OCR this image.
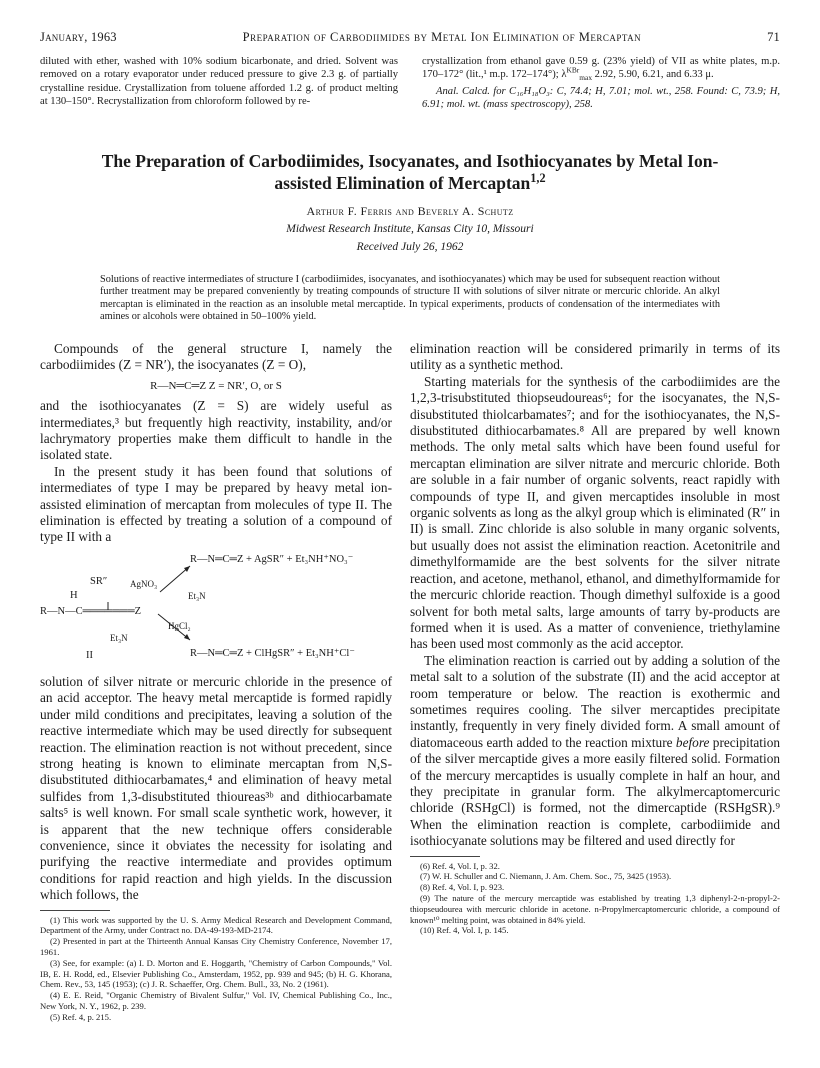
January, 1963	Preparation of Carbodiimides by Metal Ion Elimination of Mercaptan	71

diluted with ether, washed with 10% sodium bicarbonate, and dried. Solvent was removed on a rotary evaporator under reduced pressure to give 2.3 g. of partially crystalline residue. Crystallization from toluene afforded 1.2 g. of product melting at 130–150°. Recrystallization from chloroform followed by re-

crystallization from ethanol gave 0.59 g. (23% yield) of VII as white plates, m.p. 170–172° (lit.,¹ m.p. 172–174°); $\lambda^{KBr}_{max}$ 2.92, 5.90, 6.21, and 6.33 μ.

Anal. Calcd. for C₁₆H₁₈O₃: C, 74.4; H, 7.01; mol. wt., 258. Found: C, 73.9; H, 6.91; mol. wt. (mass spectroscopy), 258.

The Preparation of Carbodiimides, Isocyanates, and Isothiocyanates by Metal Ion-assisted Elimination of Mercaptan$^{1,2}$
Arthur F. Ferris and Beverly A. Schutz
Midwest Research Institute, Kansas City 10, Missouri
Received July 26, 1962
Solutions of reactive intermediates of structure I (carbodiimides, isocyanates, and isothiocyanates) which may be used for subsequent reaction without further treatment may be prepared conveniently by treating compounds of structure II with solutions of silver nitrate or mercuric chloride. An alkyl mercaptan is eliminated in the reaction as an insoluble metal mercaptide. In typical experiments, products of condensation of the intermediates with amines or alcohols were obtained in 50–100% yield.

Compounds of the general structure I, namely the carbodiimides (Z = NR′), the isocyanates (Z = O),

R—N═C═Z Z = NR′, O, or S

and the isothiocyanates (Z = S) are widely useful as intermediates,³ but frequently high reactivity, instability, and/or lachrymatory properties make them difficult to handle in the isolated state.

In the present study it has been found that solutions of intermediates of type I may be prepared by heavy metal ion-assisted elimination of mercaptan from molecules of type II. The elimination is effected by treating a solution of a compound of type II with a

R—N═C═Z + AgSR″ + Et₃NH⁺NO₃⁻
SR″	AgNO₃
H	Et₃N
R—N—C═══════Z
HgCl₂
Et₃N
II	R—N═C═Z + ClHgSR″ + Et₃NH⁺Cl⁻

solution of silver nitrate or mercuric chloride in the presence of an acid acceptor. The heavy metal mercaptide is formed rapidly under mild conditions and precipitates, leaving a solution of the reactive intermediate which may be used directly for subsequent reaction. The elimination reaction is not without precedent, since strong heating is known to eliminate mercaptan from N,S-disubstituted dithiocarbamates,⁴ and elimination of heavy metal sulfides from 1,3-disubstituted thioureas³ᵇ and dithiocarbamate salts⁵ is well known. For small scale synthetic work, however, it is apparent that the new technique offers considerable convenience, since it obviates the necessity for isolating and purifying the reactive intermediate and provides optimum conditions for rapid reaction and high yields. In the discussion which follows, the

(1) This work was supported by the U. S. Army Medical Research and Development Command, Department of the Army, under Contract no. DA-49-193-MD-2174.

(2) Presented in part at the Thirteenth Annual Kansas City Chemistry Conference, November 17, 1961.

(3) See, for example: (a) I. D. Morton and E. Hoggarth, "Chemistry of Carbon Compounds," Vol. IB, E. H. Rodd, ed., Elsevier Publishing Co., Amsterdam, 1952, pp. 939 and 945; (b) H. G. Khorana, Chem. Rev., 53, 145 (1953); (c) J. R. Schaeffer, Org. Chem. Bull., 33, No. 2 (1961).

(4) E. E. Reid, "Organic Chemistry of Bivalent Sulfur," Vol. IV, Chemical Publishing Co., Inc., New York, N. Y., 1962, p. 239.

(5) Ref. 4, p. 215.

elimination reaction will be considered primarily in terms of its utility as a synthetic method.

Starting materials for the synthesis of the carbodiimides are the 1,2,3-trisubstituted thiopseudoureas⁶; for the isocyanates, the N,S-disubstituted thiolcarbamates⁷; and for the isothiocyanates, the N,S-disubstituted dithiocarbamates.⁸ All are prepared by well known methods. The only metal salts which have been found useful for mercaptan elimination are silver nitrate and mercuric chloride. Both are soluble in a fair number of organic solvents, react rapidly with compounds of type II, and given mercaptides insoluble in most organic solvents as long as the alkyl group which is eliminated (R″ in II) is small. Zinc chloride is also soluble in many organic solvents, but usually does not assist the elimination reaction. Acetonitrile and dimethylformamide are the best solvents for the silver nitrate reaction, and acetone, methanol, ethanol, and dimethylformamide for the mercuric chloride reaction. Though dimethyl sulfoxide is a good solvent for both metal salts, large amounts of tarry by-products are formed when it is used. As a matter of convenience, triethylamine has been used most commonly as the acid acceptor.

The elimination reaction is carried out by adding a solution of the metal salt to a solution of the substrate (II) and the acid acceptor at room temperature or below. The reaction is exothermic and sometimes requires cooling. The silver mercaptides precipitate instantly, frequently in very finely divided form. A small amount of diatomaceous earth added to the reaction mixture before precipitation of the silver mercaptide gives a more easily filtered solid. Formation of the mercury mercaptides is usually complete in half an hour, and they precipitate in granular form. The alkylmercaptomercuric chloride (RSHgCl) is formed, not the dimercaptide (RSHgSR).⁹ When the elimination reaction is complete, carbodiimide and isothiocyanate solutions may be filtered and used directly for

(6) Ref. 4, Vol. I, p. 32.

(7) W. H. Schuller and C. Niemann, J. Am. Chem. Soc., 75, 3425 (1953).

(8) Ref. 4, Vol. I, p. 923.

(9) The nature of the mercury mercaptide was established by treating 1,3 diphenyl-2-n-propyl-2-thiopseudourea with mercuric chloride in acetone. n-Propylmercaptomercuric chloride, a compound of known¹⁰ melting point, was obtained in 84% yield.

(10) Ref. 4, Vol. I, p. 145.
